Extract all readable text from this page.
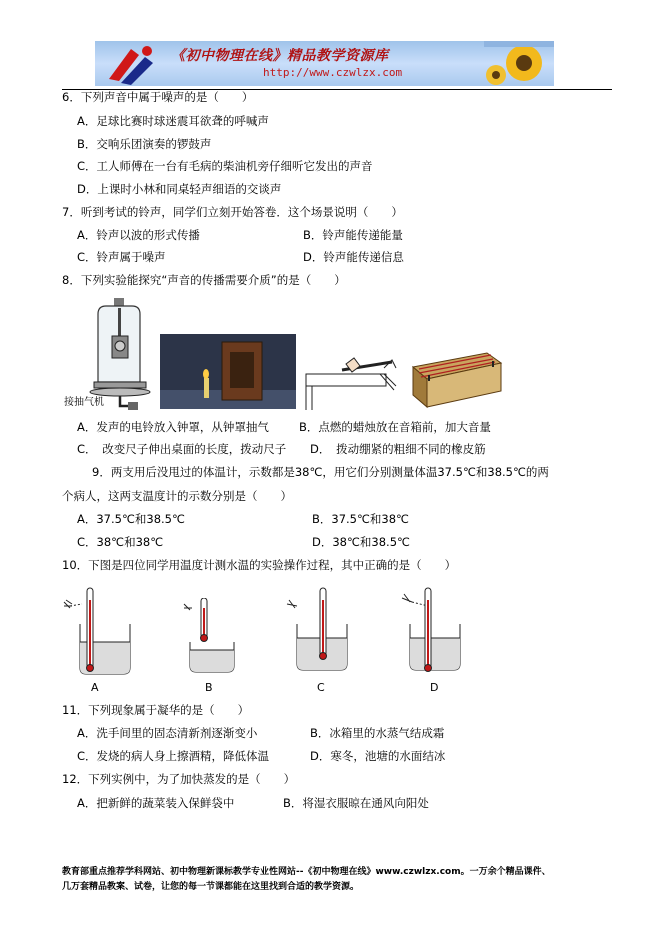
《初中物理在线》精品教学资源库
http://www.czwlzx.com
6．下列声音中属于噪声的是（　　）
A．足球比赛时球迷震耳欲聋的呼喊声
B．交响乐团演奏的锣鼓声
C．工人师傅在一台有毛病的柴油机旁仔细听它发出的声音
D．上课时小林和同桌轻声细语的交谈声
7．听到考试的铃声，同学们立刻开始答卷．这个场景说明（　　）
A．铃声以波的形式传播	B．铃声能传递能量
C．铃声属于噪声	D．铃声能传递信息
8．下列实验能探究“声音的传播需要介质”的是（　　）
接抽气机
A．发声的电铃放入钟罩，从钟罩抽气	B．点燃的蜡烛放在音箱前，加大音量
C．　改变尺子伸出桌面的长度，拨动尺子 D．　拨动绷紧的粗细不同的橡皮筋
9．两支用后没甩过的体温计，示数都是38℃，用它们分别测量体温37.5℃和38.5℃的两
个病人，这两支温度计的示数分别是（　　）
A．37.5℃和38.5℃	B．37.5℃和38℃
C．38℃和38℃	D．38℃和38.5℃
10．下图是四位同学用温度计测水温的实验操作过程，其中正确的是（　　）
A	B	C	D
11．下列现象属于凝华的是（　　）
A．洗手间里的固态清新剂逐渐变小	B．冰箱里的水蒸气结成霜
C．发烧的病人身上擦酒精，降低体温	D．寒冬，池塘的水面结冰
12．下列实例中，为了加快蒸发的是（　　）
A．把新鲜的蔬菜装入保鲜袋中	B．将湿衣服晾在通风向阳处
教育部重点推荐学科网站、初中物理新课标教学专业性网站--《初中物理在线》www.czwlzx.com。一万余个精品课件、
几万套精品教案、试卷，让您的每一节课都能在这里找到合适的教学资源。
